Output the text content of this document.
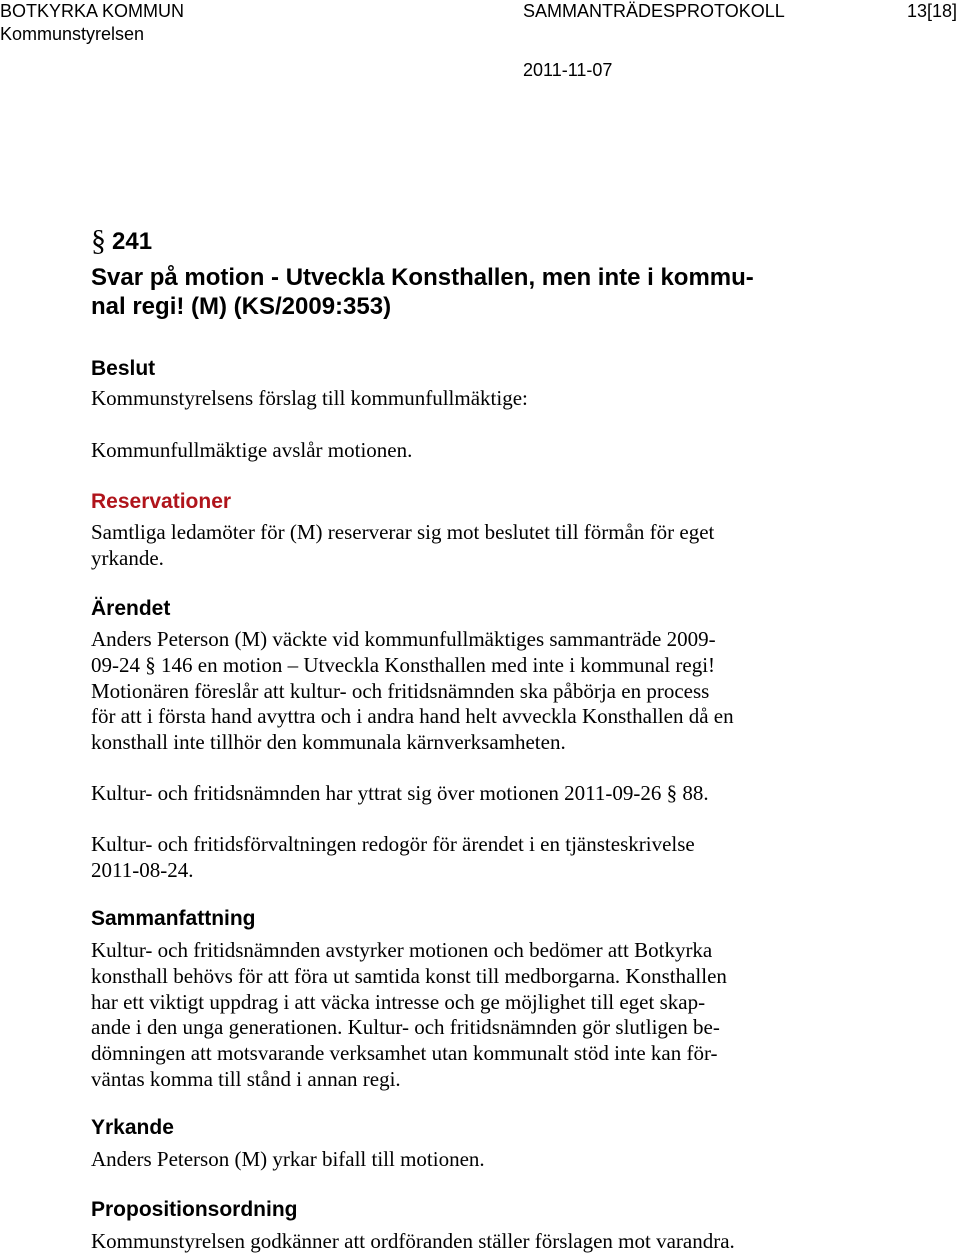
BOTKYRKA KOMMUN
Kommunstyrelsen
SAMMANTRÄDESPROTOKOLL	13[18]
2011-11-07
§ 241
Svar på motion - Utveckla Konsthallen, men inte i kommu-
nal regi! (M) (KS/2009:353)
Beslut
Kommunstyrelsens förslag till kommunfullmäktige:
Kommunfullmäktige avslår motionen.
Reservationer
Samtliga ledamöter för (M) reserverar sig mot beslutet till förmån för eget
yrkande.
Ärendet
Anders Peterson (M) väckte vid kommunfullmäktiges sammanträde 2009-
09-24 § 146 en motion – Utveckla Konsthallen med inte i kommunal regi!
Motionären föreslår att kultur- och fritidsnämnden ska påbörja en process
för att i första hand avyttra och i andra hand helt avveckla Konsthallen då en
konsthall inte tillhör den kommunala kärnverksamheten.
Kultur- och fritidsnämnden har yttrat sig över motionen 2011-09-26 § 88.
Kultur- och fritidsförvaltningen redogör för ärendet i en tjänsteskrivelse
2011-08-24.
Sammanfattning
Kultur- och fritidsnämnden avstyrker motionen och bedömer att Botkyrka
konsthall behövs för att föra ut samtida konst till medborgarna. Konsthallen
har ett viktigt uppdrag i att väcka intresse och ge möjlighet till eget skap-
ande i den unga generationen. Kultur- och fritidsnämnden gör slutligen be-
dömningen att motsvarande verksamhet utan kommunalt stöd inte kan för-
väntas komma till stånd i annan regi.
Yrkande
Anders Peterson (M) yrkar bifall till motionen.
Propositionsordning
Kommunstyrelsen godkänner att ordföranden ställer förslagen mot varandra.
